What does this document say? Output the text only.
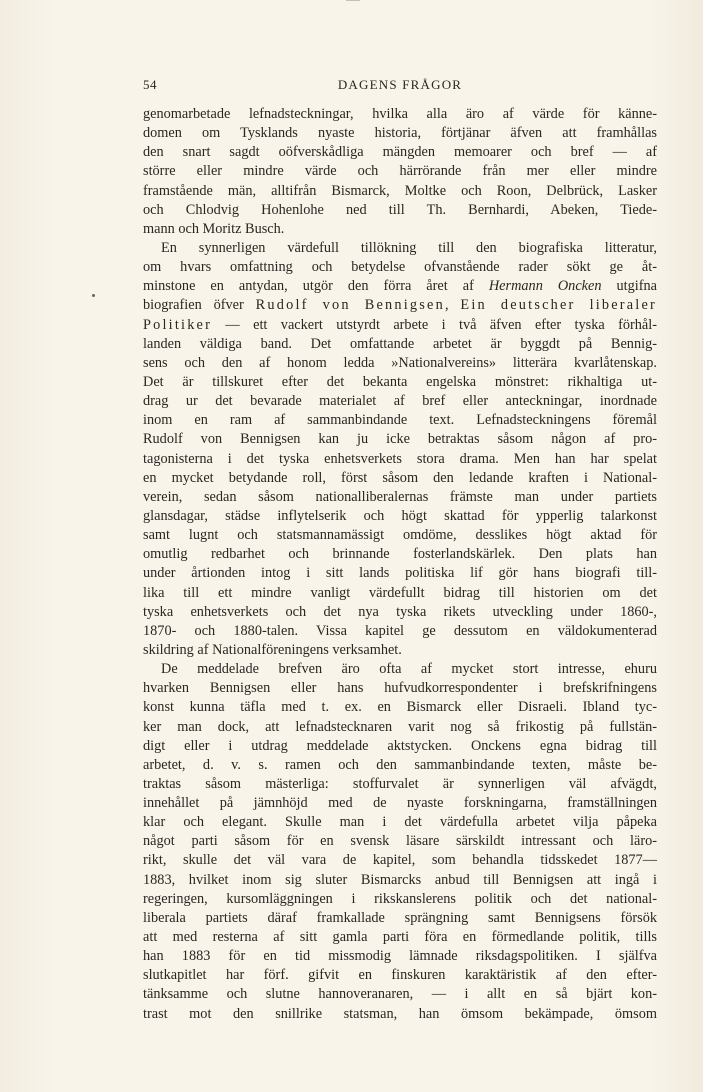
54	DAGENS FRÅGOR
genomarbetade lefnadsteckningar, hvilka alla äro af värde för känne-
domen om Tysklands nyaste historia, förtjänar äfven att framhållas
den snart sagdt oöfverskådliga mängden memoarer och bref — af
större eller mindre värde och härrörande från mer eller mindre
framstående män, alltifrån Bismarck, Moltke och Roon, Delbrück, Lasker
och Chlodvig Hohenlohe ned till Th. Bernhardi, Abeken, Tiede-
mann och Moritz Busch.
En synnerligen värdefull tillökning till den biografiska litteratur,
om hvars omfattning och betydelse ofvanstående rader sökt ge åt-
minstone en antydan, utgör den förra året af Hermann Oncken utgifna
biografien öfver Rudolf von Bennigsen, Ein deutscher liberaler
Politiker — ett vackert utstyrdt arbete i två äfven efter tyska förhål-
landen väldiga band. Det omfattande arbetet är byggdt på Bennig-
sens och den af honom ledda »Nationalvereins» litterära kvarlåtenskap.
Det är tillskuret efter det bekanta engelska mönstret: rikhaltiga ut-
drag ur det bevarade materialet af bref eller anteckningar, inordnade
inom en ram af sammanbindande text. Lefnadsteckningens föremål
Rudolf von Bennigsen kan ju icke betraktas såsom någon af pro-
tagonisterna i det tyska enhetsverkets stora drama. Men han har spelat
en mycket betydande roll, först såsom den ledande kraften i National-
verein, sedan såsom nationalliberalernas främste man under partiets
glansdagar, städse inflytelserik och högt skattad för ypperlig talarkonst
samt lugnt och statsmannamässigt omdöme, desslikes högt aktad för
omutlig redbarhet och brinnande fosterlandskärlek. Den plats han
under årtionden intog i sitt lands politiska lif gör hans biografi till-
lika till ett mindre vanligt värdefullt bidrag till historien om det
tyska enhetsverkets och det nya tyska rikets utveckling under 1860-,
1870- och 1880-talen. Vissa kapitel ge dessutom en väldokumenterad
skildring af Nationalföreningens verksamhet.
De meddelade brefven äro ofta af mycket stort intresse, ehuru
hvarken Bennigsen eller hans hufvudkorrespondenter i brefskrifningens
konst kunna täfla med t. ex. en Bismarck eller Disraeli. Ibland tyc-
ker man dock, att lefnadstecknaren varit nog så frikostig på fullstän-
digt eller i utdrag meddelade aktstycken. Onckens egna bidrag till
arbetet, d. v. s. ramen och den sammanbindande texten, måste be-
traktas såsom mästerliga: stoffurvalet är synnerligen väl afvägdt,
innehållet på jämnhöjd med de nyaste forskningarna, framställningen
klar och elegant. Skulle man i det värdefulla arbetet vilja påpeka
något parti såsom för en svensk läsare särskildt intressant och läro-
rikt, skulle det väl vara de kapitel, som behandla tidsskedet 1877—
1883, hvilket inom sig sluter Bismarcks anbud till Bennigsen att ingå i
regeringen, kursomläggningen i rikskanslerens politik och det national-
liberala partiets däraf framkallade sprängning samt Bennigsens försök
att med resterna af sitt gamla parti föra en förmedlande politik, tills
han 1883 för en tid missmodig lämnade riksdagspolitiken. I själfva
slutkapitlet har förf. gifvit en finskuren karaktäristik af den efter-
tänksamme och slutne hannoveranaren, — i allt en så bjärt kon-
trast mot den snillrike statsman, han ömsom bekämpade, ömsom
